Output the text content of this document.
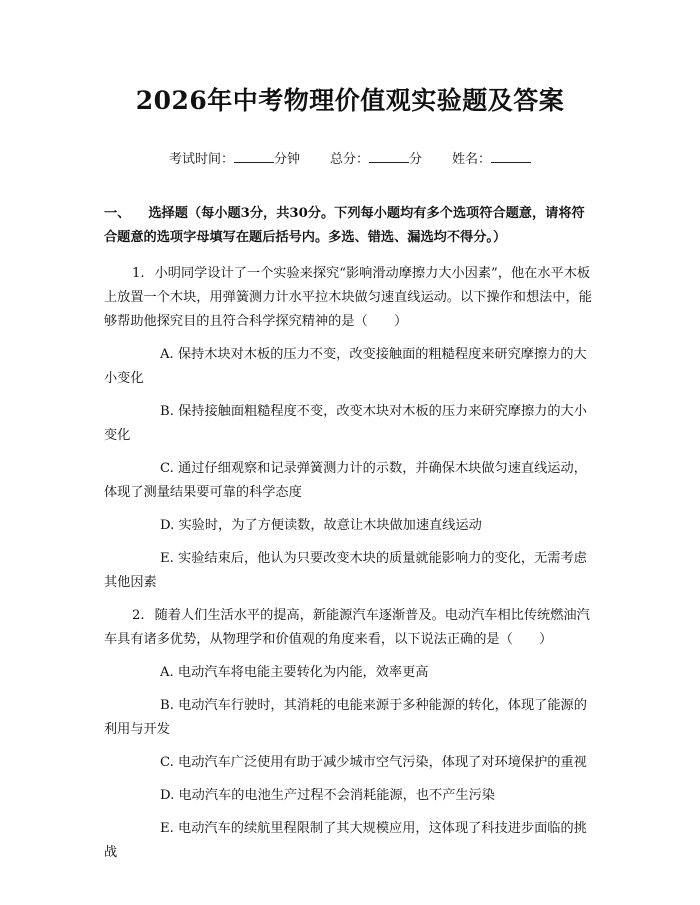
2026年中考物理价值观实验题及答案
考试时间：	分钟 总分：	分 姓名：

一、 选择题（每小题3分，共30分。下列每小题均有多个选项符合题意，请将符合题意的选项字母填写在题后括号内。多选、错选、漏选均不得分。）

1. 小明同学设计了一个实验来探究“影响滑动摩擦力大小因素”，他在水平木板上放置一个木块，用弹簧测力计水平拉木块做匀速直线运动。以下操作和想法中，能够帮助他探究目的且符合科学探究精神的是（　　）

A. 保持木块对木板的压力不变，改变接触面的粗糙程度来研究摩擦力的大小变化

B. 保持接触面粗糙程度不变，改变木块对木板的压力来研究摩擦力的大小变化

C. 通过仔细观察和记录弹簧测力计的示数，并确保木块做匀速直线运动，体现了测量结果要可靠的科学态度

D. 实验时，为了方便读数，故意让木块做加速直线运动

E. 实验结束后，他认为只要改变木块的质量就能影响力的变化，无需考虑其他因素

2. 随着人们生活水平的提高，新能源汽车逐渐普及。电动汽车相比传统燃油汽车具有诸多优势，从物理学和价值观的角度来看，以下说法正确的是（　　）

A. 电动汽车将电能主要转化为内能，效率更高

B. 电动汽车行驶时，其消耗的电能来源于多种能源的转化，体现了能源的利用与开发

C. 电动汽车广泛使用有助于减少城市空气污染，体现了对环境保护的重视

D. 电动汽车的电池生产过程不会消耗能源，也不产生污染

E. 电动汽车的续航里程限制了其大规模应用，这体现了科技进步面临的挑战
